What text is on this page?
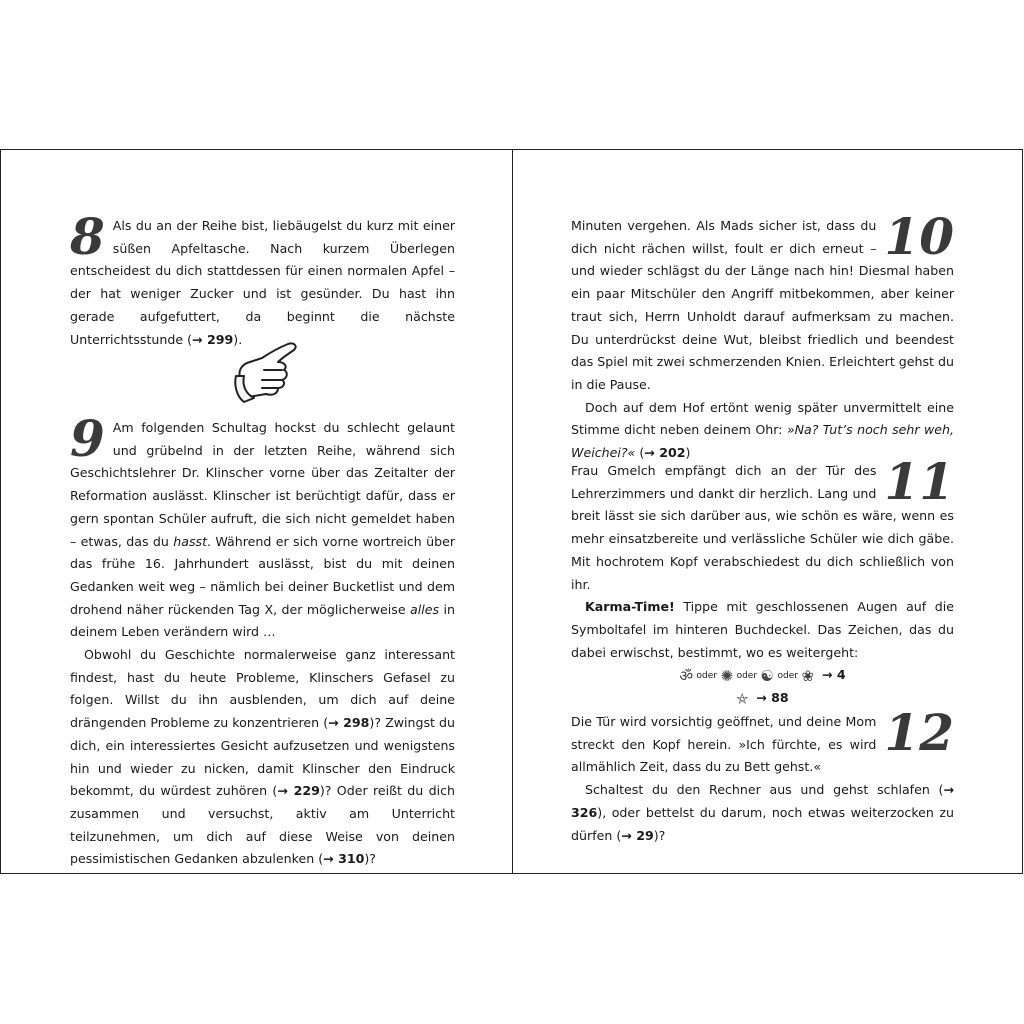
8 Als du an der Reihe bist, liebäugelst du kurz mit einer süßen Apfeltasche. Nach kurzem Überlegen entscheidest du dich stattdessen für einen normalen Apfel – der hat weniger Zucker und ist gesünder. Du hast ihn gerade aufgefuttert, da beginnt die nächste Unterrichtsstunde (→ 299).

9 Am folgenden Schultag hockst du schlecht gelaunt und grübelnd in der letzten Reihe, während sich Geschichtslehrer Dr. Klinscher vorne über das Zeitalter der Reformation auslässt. Klinscher ist berüchtigt dafür, dass er gern spontan Schüler aufruft, die sich nicht gemeldet haben – etwas, das du hasst. Während er sich vorne wortreich über das frühe 16. Jahrhundert auslässt, bist du mit deinen Gedanken weit weg – nämlich bei deiner Bucketlist und dem drohend näher rückenden Tag X, der möglicherweise alles in deinem Leben verändern wird …

Obwohl du Geschichte normalerweise ganz interessant findest, hast du heute Probleme, Klinschers Gefasel zu folgen. Willst du ihn ausblenden, um dich auf deine drängenden Probleme zu konzentrieren (→ 298)? Zwingst du dich, ein interessiertes Gesicht aufzusetzen und wenigstens hin und wieder zu nicken, damit Klinscher den Eindruck bekommt, du würdest zuhören (→ 229)? Oder reißt du dich zusammen und versuchst, aktiv am Unterricht teilzunehmen, um dich auf diese Weise von deinen pessimistischen Gedanken abzulenken (→ 310)?

10

Minuten vergehen. Als Mads sicher ist, dass du dich nicht rächen willst, foult er dich erneut – und wieder schlägst du der Länge nach hin! Diesmal haben ein paar Mitschüler den Angriff mitbekommen, aber keiner traut sich, Herrn Unholdt darauf aufmerksam zu machen. Du unterdrückst deine Wut, bleibst friedlich und beendest das Spiel mit zwei schmerzenden Knien. Erleichtert gehst du in die Pause.

Doch auf dem Hof ertönt wenig später unvermittelt eine Stimme dicht neben deinem Ohr: »Na? Tut’s noch sehr weh, Weichei?« (→ 202)	11

Frau Gmelch empfängt dich an der Tür des Lehrerzimmers und dankt dir herzlich. Lang und breit lässt sie sich darüber aus, wie schön es wäre, wenn es mehr einsatzbereite und verlässliche Schüler wie dich gäbe. Mit hochrotem Kopf verabschiedest du dich schließlich von ihr.

Karma-Time! Tippe mit geschlossenen Augen auf die Symboltafel im hinteren Buchdeckel. Das Zeichen, das du dabei erwischst, bestimmt, wo es weitergeht:

ॐ oder ✺ oder ☯ oder ❀ → 4
⛤ → 88
12

Die Tür wird vorsichtig geöffnet, und deine Mom streckt den Kopf herein. »Ich fürchte, es wird allmählich Zeit, dass du zu Bett gehst.«

Schaltest du den Rechner aus und gehst schlafen (→ 326), oder bettelst du darum, noch etwas weiterzocken zu dürfen (→ 29)?
